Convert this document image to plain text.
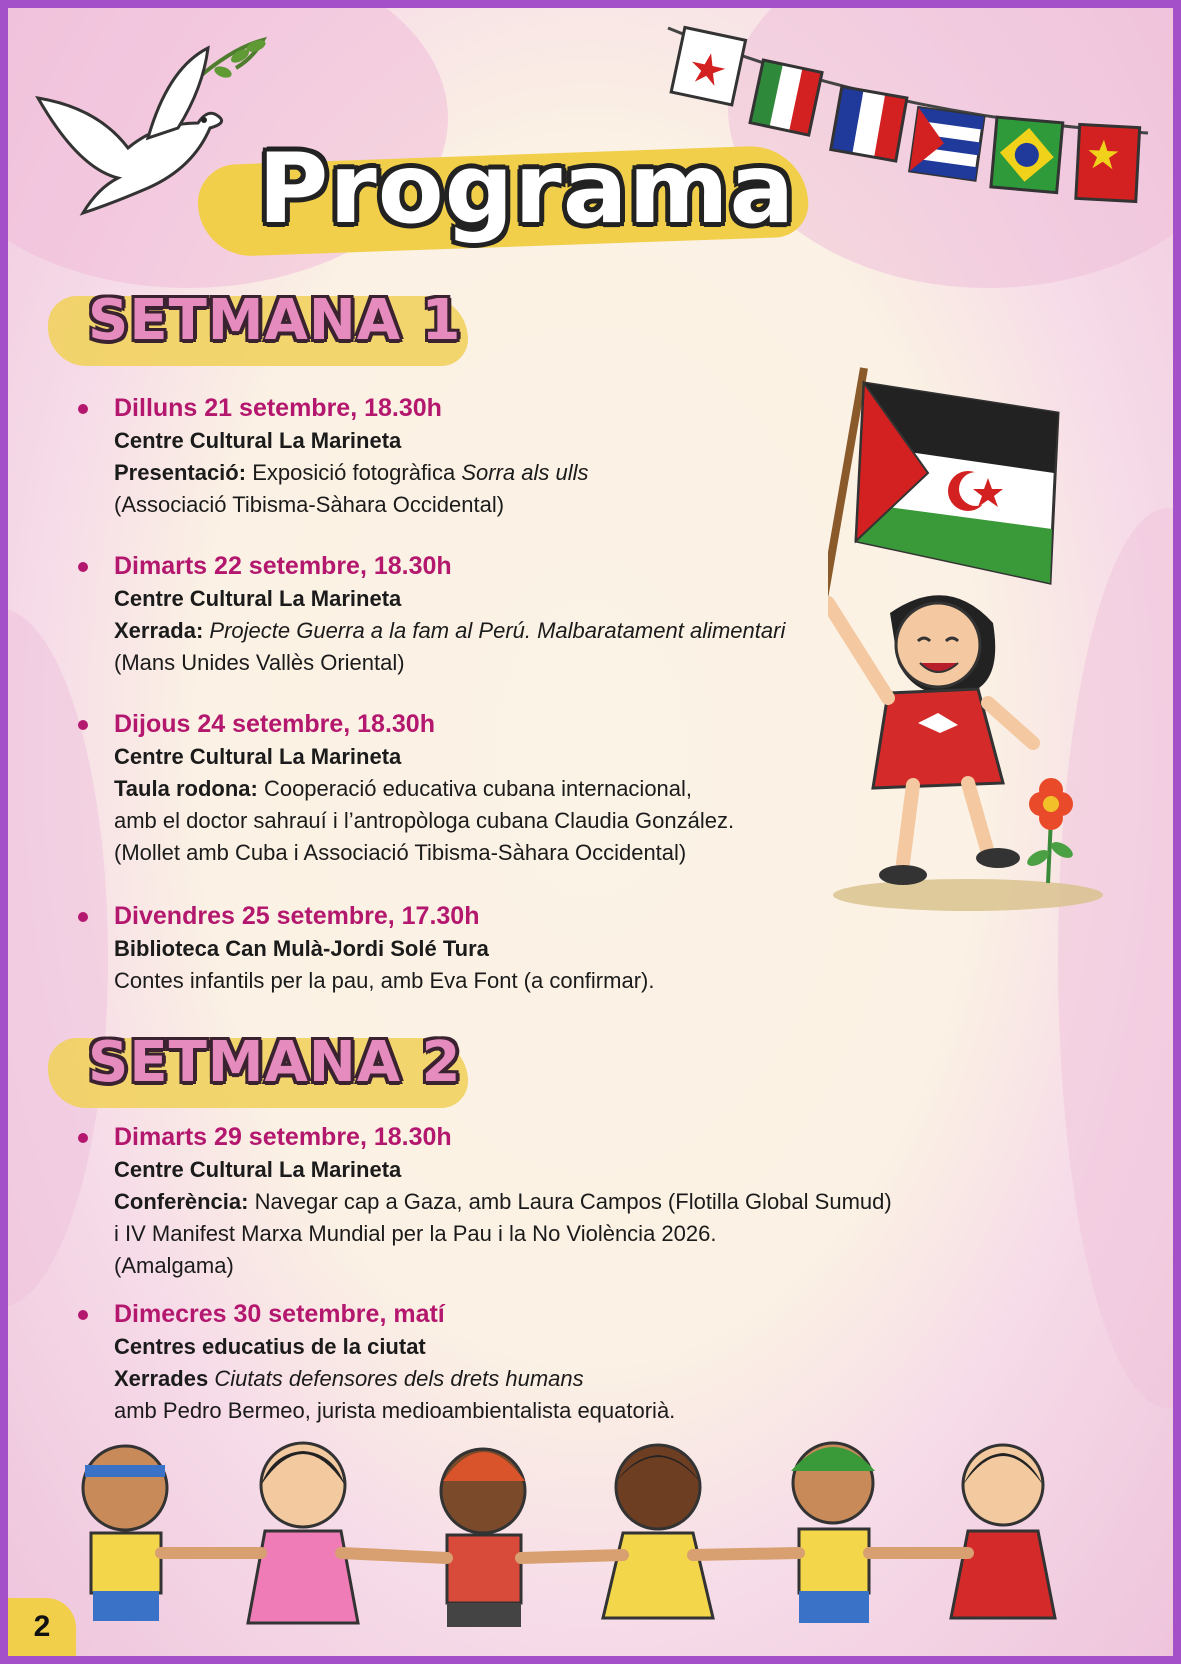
Programa
SETMANA 1
Dilluns 21 setembre, 18.30h
Centre Cultural La Marineta
Presentació: Exposició fotogràfica Sorra als ulls
(Associació Tibisma-Sàhara Occidental)
Dimarts 22 setembre, 18.30h
Centre Cultural La Marineta
Xerrada: Projecte Guerra a la fam al Perú. Malbaratament alimentari
(Mans Unides Vallès Oriental)
Dijous 24 setembre, 18.30h
Centre Cultural La Marineta
Taula rodona: Cooperació educativa cubana internacional,
amb el doctor sahrauí i l’antropòloga cubana Claudia González.
(Mollet amb Cuba i Associació Tibisma-Sàhara Occidental)
Divendres 25 setembre, 17.30h
Biblioteca Can Mulà-Jordi Solé Tura
Contes infantils per la pau, amb Eva Font (a confirmar).
SETMANA 2
Dimarts 29 setembre, 18.30h
Centre Cultural La Marineta
Conferència: Navegar cap a Gaza, amb Laura Campos (Flotilla Global Sumud)
i IV Manifest Marxa Mundial per la Pau i la No Violència 2026.
(Amalgama)
Dimecres 30 setembre, matí
Centres educatius de la ciutat
Xerrades Ciutats defensores dels drets humans
amb Pedro Bermeo, jurista medioambientalista equatorià.
2
